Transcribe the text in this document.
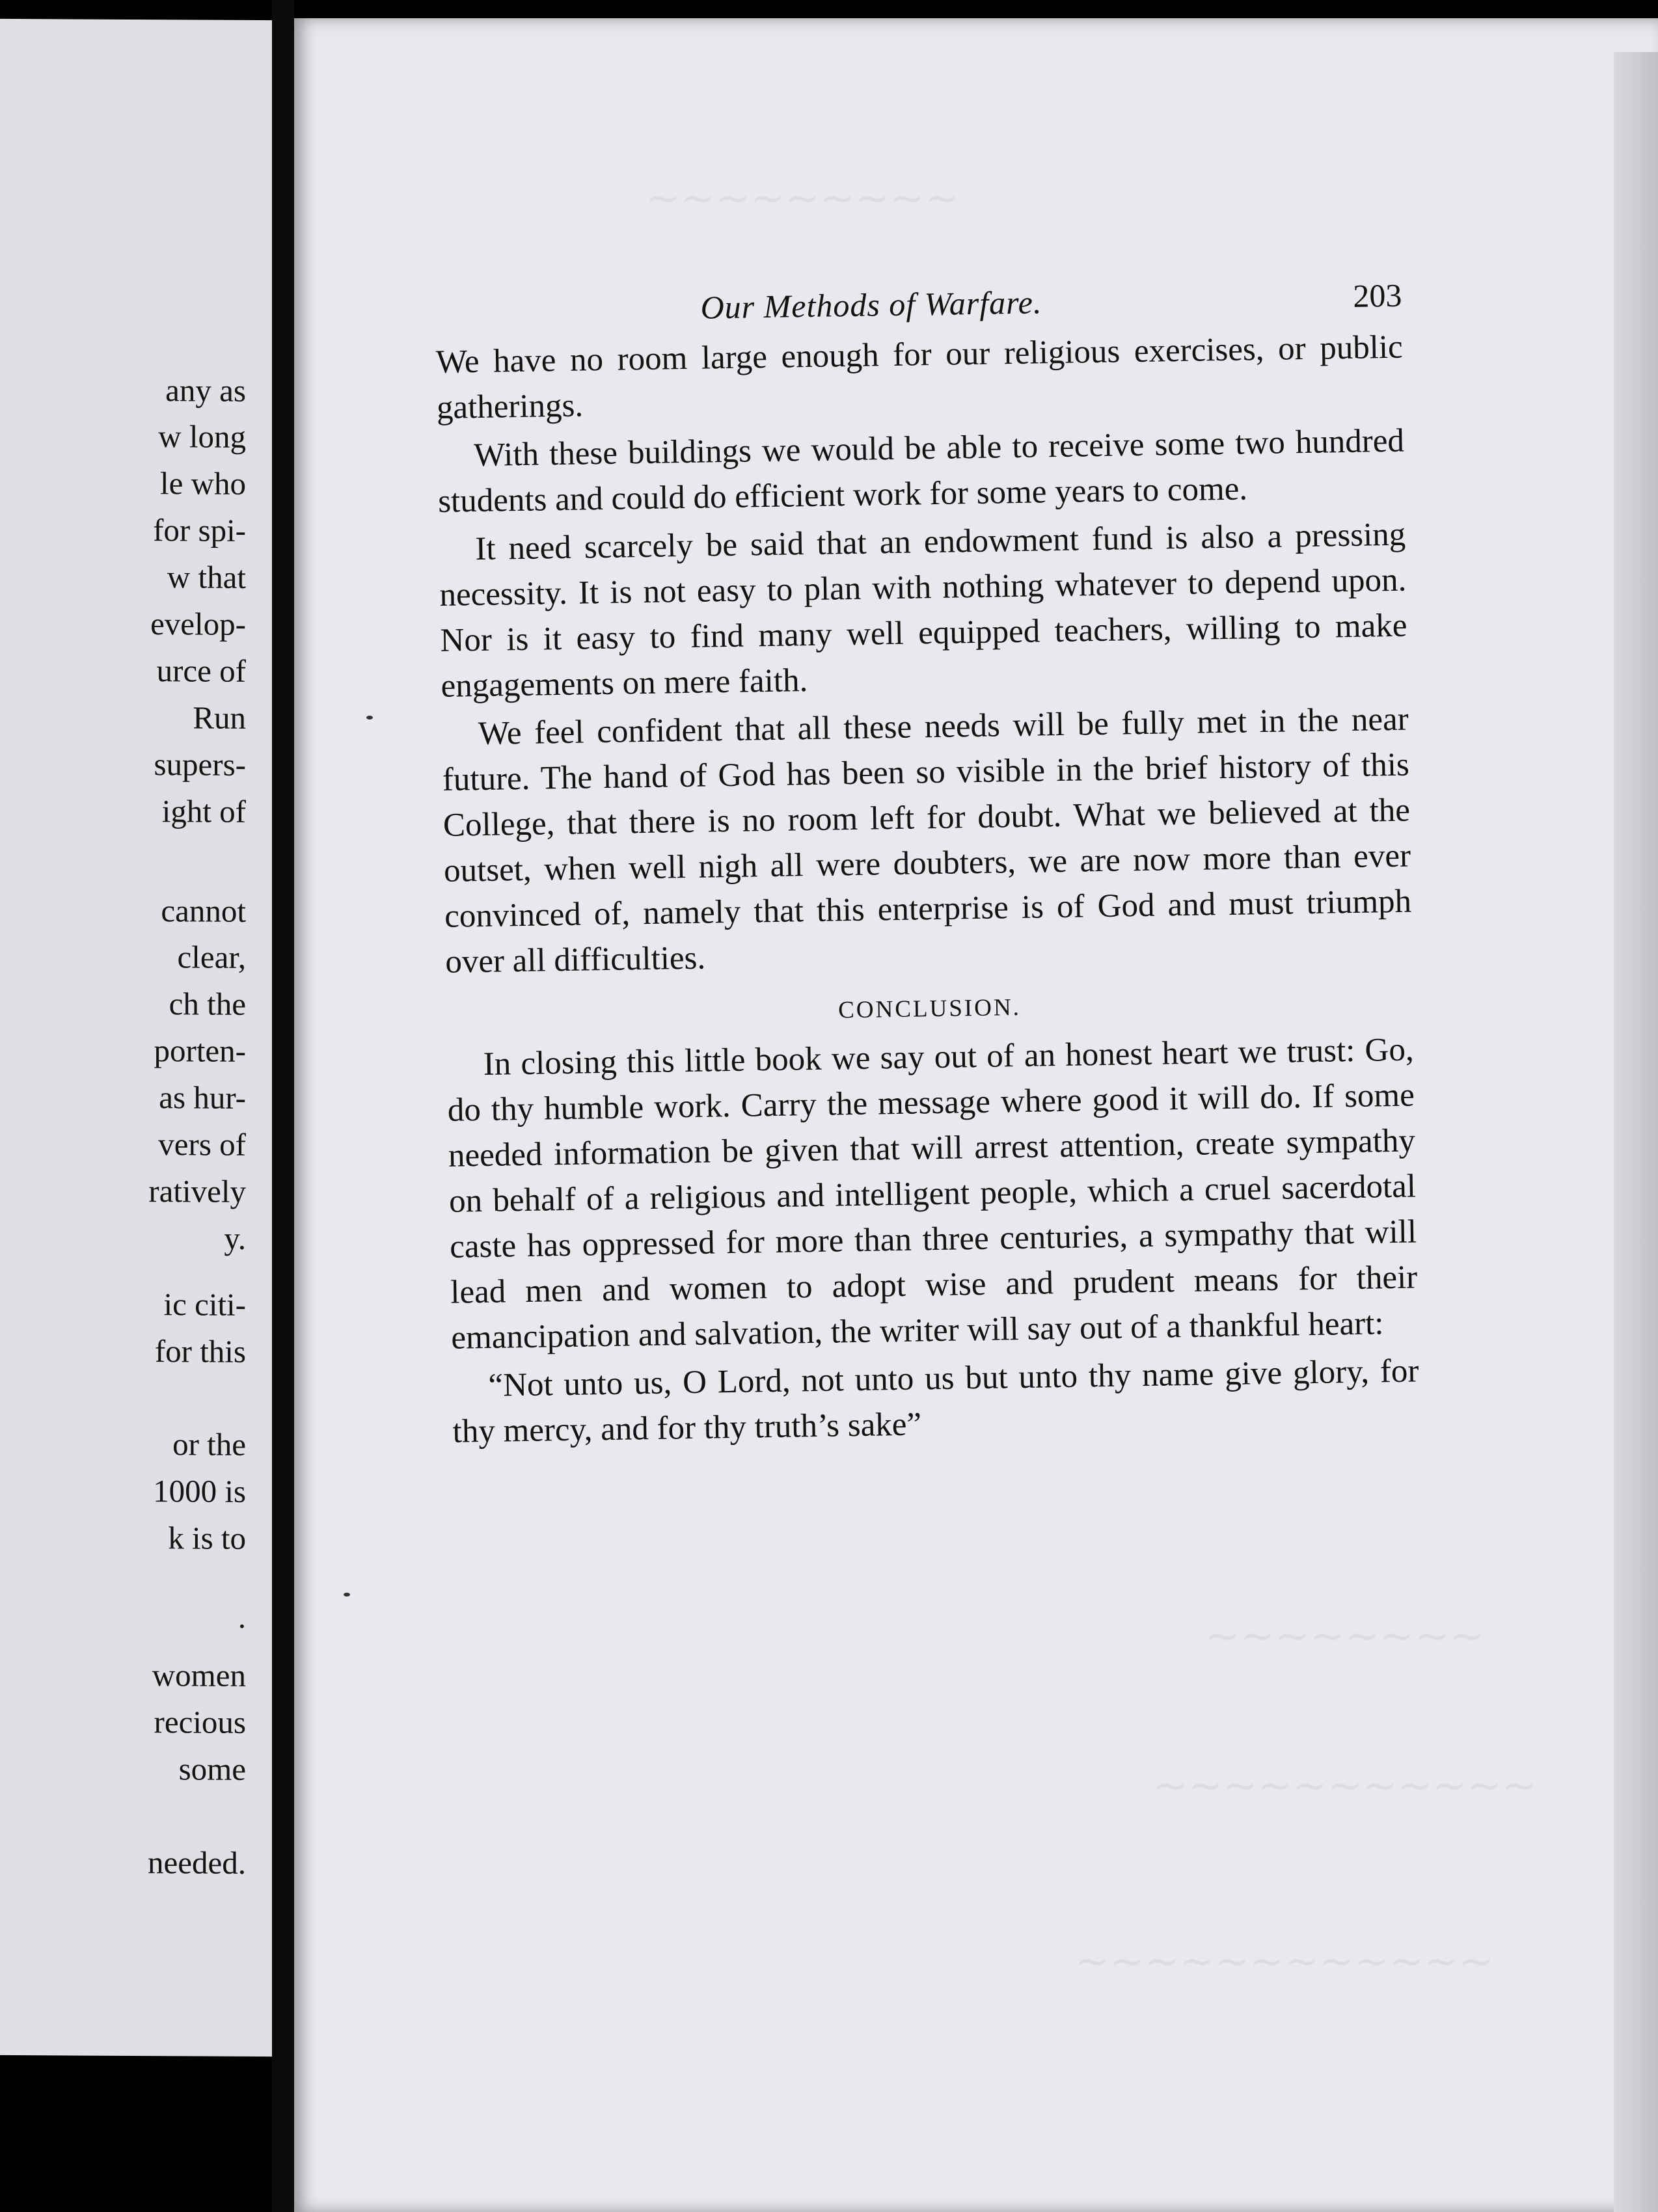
any as
w long
le who
for spi-
w that
evelop-
urce of
Run
supers-
ight of
cannot
clear,
ch the
porten-
as hur-
vers of
ratively
y.
ic citi-
for this
or the
1000 is
k is to
.
women
recious
some
needed.
~~~~~~~~~
~~~~~~~~
~~~~~~~~~~~
~~~~~~~~~~~~
Our Methods of Warfare.	203

We have no room large enough for our religious exercises, or public gatherings.

With these buildings we would be able to receive some two hundred students and could do efficient work for some years to come.

It need scarcely be said that an endowment fund is also a pressing necessity. It is not easy to plan with nothing whatever to depend upon. Nor is it easy to find many well equipped teachers, willing to make engagements on mere faith.

We feel confident that all these needs will be fully met in the near future. The hand of God has been so visible in the brief history of this College, that there is no room left for doubt. What we believed at the outset, when well nigh all were doubters, we are now more than ever convinced of, namely that this enterprise is of God and must triumph over all difficulties.

CONCLUSION.

In closing this little book we say out of an honest heart we trust: Go, do thy humble work. Carry the message where good it will do. If some needed information be given that will arrest attention, create sympathy on behalf of a religious and intelligent people, which a cruel sacerdotal caste has oppressed for more than three centuries, a sympathy that will lead men and women to adopt wise and prudent means for their emancipation and salvation, the writer will say out of a thankful heart:

“Not unto us, O Lord, not unto us but unto thy name give glory, for thy mercy, and for thy truth’s sake”
